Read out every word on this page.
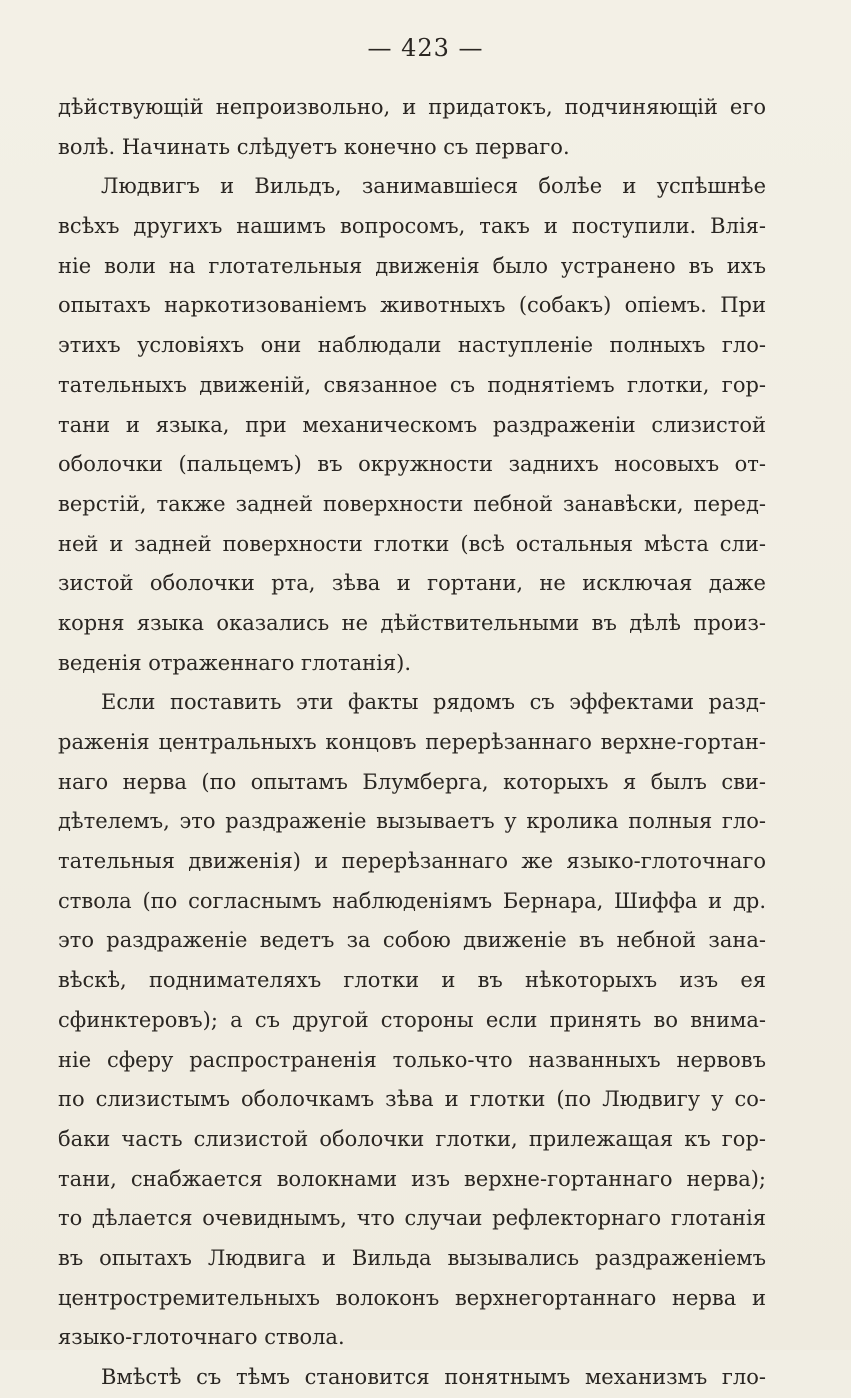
— 423 —
дѣйствующій непроизвольно, и придатокъ, подчиняющій его
волѣ. Начинать слѣдуетъ конечно съ перваго.
Людвигъ и Вильдъ, занимавшіеся болѣе и успѣшнѣе
всѣхъ другихъ нашимъ вопросомъ, такъ и поступили. Влія-
ніе воли на глотательныя движенія было устранено въ ихъ
опытахъ наркотизованіемъ животныхъ (собакъ) опіемъ. При
этихъ условіяхъ они наблюдали наступленіе полныхъ гло-
тательныхъ движеній, связанное съ поднятіемъ глотки, гор-
тани и языка, при механическомъ раздраженіи слизистой
оболочки (пальцемъ) въ окружности заднихъ носовыхъ от-
верстій, также задней поверхности пебной занавѣски, перед-
ней и задней поверхности глотки (всѣ остальныя мѣста сли-
зистой оболочки рта, зѣва и гортани, не исключая даже
корня языка оказались не дѣйствительными въ дѣлѣ произ-
веденія отраженнаго глотанія).
Если поставить эти факты рядомъ съ эффектами разд-
раженія центральныхъ концовъ перерѣзаннаго верхне-гортан-
наго нерва (по опытамъ Блумберга, которыхъ я былъ сви-
дѣтелемъ, это раздраженіе вызываетъ у кролика полныя гло-
тательныя движенія) и перерѣзаннаго же языко-глоточнаго
ствола (по согласнымъ наблюденіямъ Бернара, Шиффа и др.
это раздраженіе ведетъ за собою движеніе въ небной зана-
вѣскѣ, поднимателяхъ глотки и въ нѣкоторыхъ изъ ея
сфинктеровъ); а съ другой стороны если принять во внима-
ніе сферу распространенія только-что названныхъ нервовъ
по слизистымъ оболочкамъ зѣва и глотки (по Людвигу у со-
баки часть слизистой оболочки глотки, прилежащая къ гор-
тани, снабжается волокнами изъ верхне-гортаннаго нерва);
то дѣлается очевиднымъ, что случаи рефлекторнаго глотанія
въ опытахъ Людвига и Вильда вызывались раздраженіемъ
центростремительныхъ волоконъ верхнегортаннаго нерва и
языко-глоточнаго ствола.
Вмѣстѣ съ тѣмъ становится понятнымъ механизмъ гло-
